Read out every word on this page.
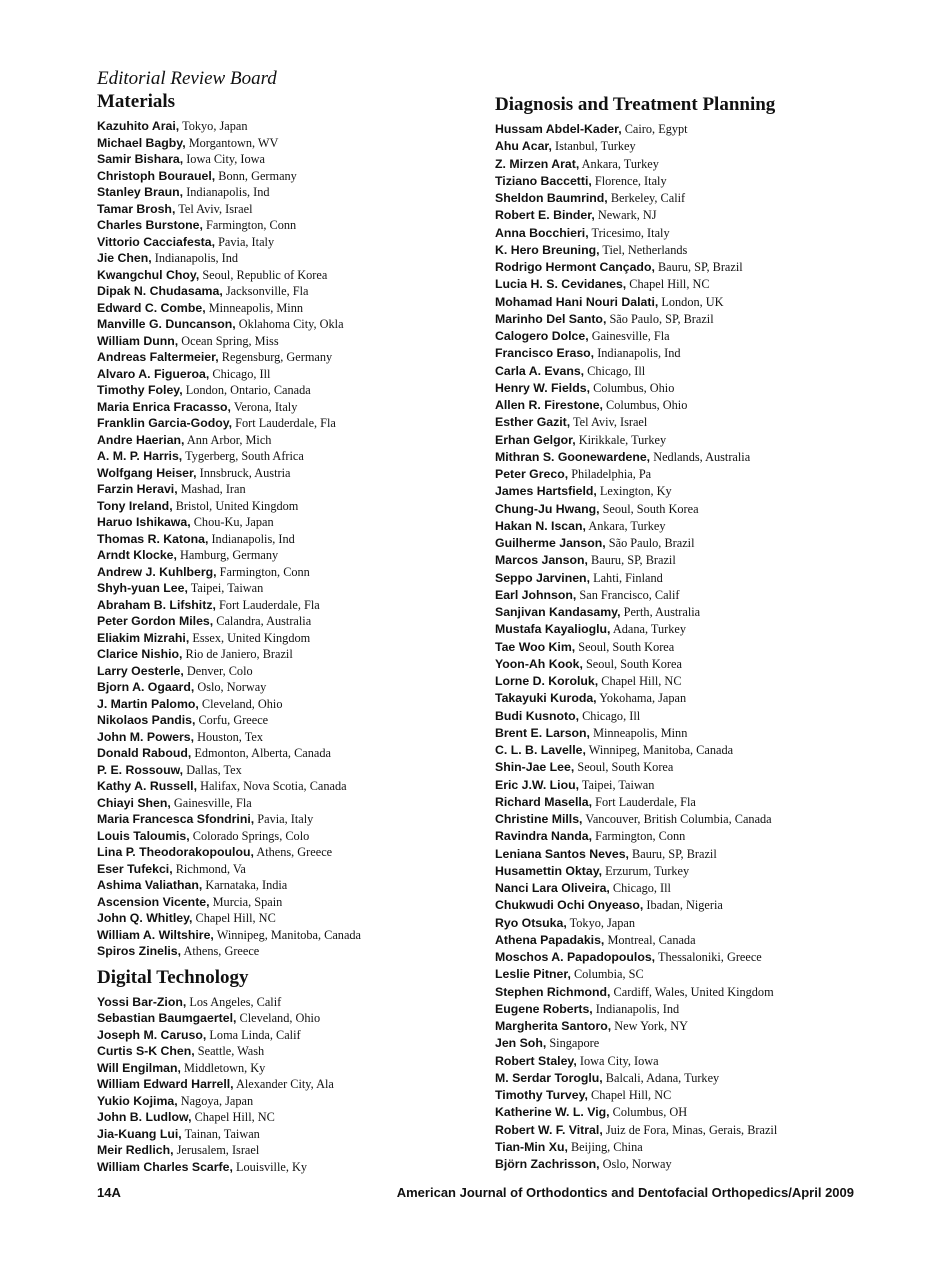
Editorial Review Board
Materials
Kazuhito Arai, Tokyo, Japan
Michael Bagby, Morgantown, WV
Samir Bishara, Iowa City, Iowa
Christoph Bourauel, Bonn, Germany
Stanley Braun, Indianapolis, Ind
Tamar Brosh, Tel Aviv, Israel
Charles Burstone, Farmington, Conn
Vittorio Cacciafesta, Pavia, Italy
Jie Chen, Indianapolis, Ind
Kwangchul Choy, Seoul, Republic of Korea
Dipak N. Chudasama, Jacksonville, Fla
Edward C. Combe, Minneapolis, Minn
Manville G. Duncanson, Oklahoma City, Okla
William Dunn, Ocean Spring, Miss
Andreas Faltermeier, Regensburg, Germany
Alvaro A. Figueroa, Chicago, Ill
Timothy Foley, London, Ontario, Canada
Maria Enrica Fracasso, Verona, Italy
Franklin Garcia-Godoy, Fort Lauderdale, Fla
Andre Haerian, Ann Arbor, Mich
A. M. P. Harris, Tygerberg, South Africa
Wolfgang Heiser, Innsbruck, Austria
Farzin Heravi, Mashad, Iran
Tony Ireland, Bristol, United Kingdom
Haruo Ishikawa, Chou-Ku, Japan
Thomas R. Katona, Indianapolis, Ind
Arndt Klocke, Hamburg, Germany
Andrew J. Kuhlberg, Farmington, Conn
Shyh-yuan Lee, Taipei, Taiwan
Abraham B. Lifshitz, Fort Lauderdale, Fla
Peter Gordon Miles, Calandra, Australia
Eliakim Mizrahi, Essex, United Kingdom
Clarice Nishio, Rio de Janiero, Brazil
Larry Oesterle, Denver, Colo
Bjorn A. Ogaard, Oslo, Norway
J. Martin Palomo, Cleveland, Ohio
Nikolaos Pandis, Corfu, Greece
John M. Powers, Houston, Tex
Donald Raboud, Edmonton, Alberta, Canada
P. E. Rossouw, Dallas, Tex
Kathy A. Russell, Halifax, Nova Scotia, Canada
Chiayi Shen, Gainesville, Fla
Maria Francesca Sfondrini, Pavia, Italy
Louis Taloumis, Colorado Springs, Colo
Lina P. Theodorakopoulou, Athens, Greece
Eser Tufekci, Richmond, Va
Ashima Valiathan, Karnataka, India
Ascension Vicente, Murcia, Spain
John Q. Whitley, Chapel Hill, NC
William A. Wiltshire, Winnipeg, Manitoba, Canada
Spiros Zinelis, Athens, Greece
Digital Technology
Yossi Bar-Zion, Los Angeles, Calif
Sebastian Baumgaertel, Cleveland, Ohio
Joseph M. Caruso, Loma Linda, Calif
Curtis S-K Chen, Seattle, Wash
Will Engilman, Middletown, Ky
William Edward Harrell, Alexander City, Ala
Yukio Kojima, Nagoya, Japan
John B. Ludlow, Chapel Hill, NC
Jia-Kuang Lui, Tainan, Taiwan
Meir Redlich, Jerusalem, Israel
William Charles Scarfe, Louisville, Ky
Diagnosis and Treatment Planning
Hussam Abdel-Kader, Cairo, Egypt
Ahu Acar, Istanbul, Turkey
Z. Mirzen Arat, Ankara, Turkey
Tiziano Baccetti, Florence, Italy
Sheldon Baumrind, Berkeley, Calif
Robert E. Binder, Newark, NJ
Anna Bocchieri, Tricesimo, Italy
K. Hero Breuning, Tiel, Netherlands
Rodrigo Hermont Cançado, Bauru, SP, Brazil
Lucia H. S. Cevidanes, Chapel Hill, NC
Mohamad Hani Nouri Dalati, London, UK
Marinho Del Santo, São Paulo, SP, Brazil
Calogero Dolce, Gainesville, Fla
Francisco Eraso, Indianapolis, Ind
Carla A. Evans, Chicago, Ill
Henry W. Fields, Columbus, Ohio
Allen R. Firestone, Columbus, Ohio
Esther Gazit, Tel Aviv, Israel
Erhan Gelgor, Kirikkale, Turkey
Mithran S. Goonewardene, Nedlands, Australia
Peter Greco, Philadelphia, Pa
James Hartsfield, Lexington, Ky
Chung-Ju Hwang, Seoul, South Korea
Hakan N. Iscan, Ankara, Turkey
Guilherme Janson, São Paulo, Brazil
Marcos Janson, Bauru, SP, Brazil
Seppo Jarvinen, Lahti, Finland
Earl Johnson, San Francisco, Calif
Sanjivan Kandasamy, Perth, Australia
Mustafa Kayalioglu, Adana, Turkey
Tae Woo Kim, Seoul, South Korea
Yoon-Ah Kook, Seoul, South Korea
Lorne D. Koroluk, Chapel Hill, NC
Takayuki Kuroda, Yokohama, Japan
Budi Kusnoto, Chicago, Ill
Brent E. Larson, Minneapolis, Minn
C. L. B. Lavelle, Winnipeg, Manitoba, Canada
Shin-Jae Lee, Seoul, South Korea
Eric J.W. Liou, Taipei, Taiwan
Richard Masella, Fort Lauderdale, Fla
Christine Mills, Vancouver, British Columbia, Canada
Ravindra Nanda, Farmington, Conn
Leniana Santos Neves, Bauru, SP, Brazil
Husamettin Oktay, Erzurum, Turkey
Nanci Lara Oliveira, Chicago, Ill
Chukwudi Ochi Onyeaso, Ibadan, Nigeria
Ryo Otsuka, Tokyo, Japan
Athena Papadakis, Montreal, Canada
Moschos A. Papadopoulos, Thessaloniki, Greece
Leslie Pitner, Columbia, SC
Stephen Richmond, Cardiff, Wales, United Kingdom
Eugene Roberts, Indianapolis, Ind
Margherita Santoro, New York, NY
Jen Soh, Singapore
Robert Staley, Iowa City, Iowa
M. Serdar Toroglu, Balcali, Adana, Turkey
Timothy Turvey, Chapel Hill, NC
Katherine W. L. Vig, Columbus, OH
Robert W. F. Vitral, Juiz de Fora, Minas, Gerais, Brazil
Tian-Min Xu, Beijing, China
Björn Zachrisson, Oslo, Norway
14A	American Journal of Orthodontics and Dentofacial Orthopedics/April 2009
